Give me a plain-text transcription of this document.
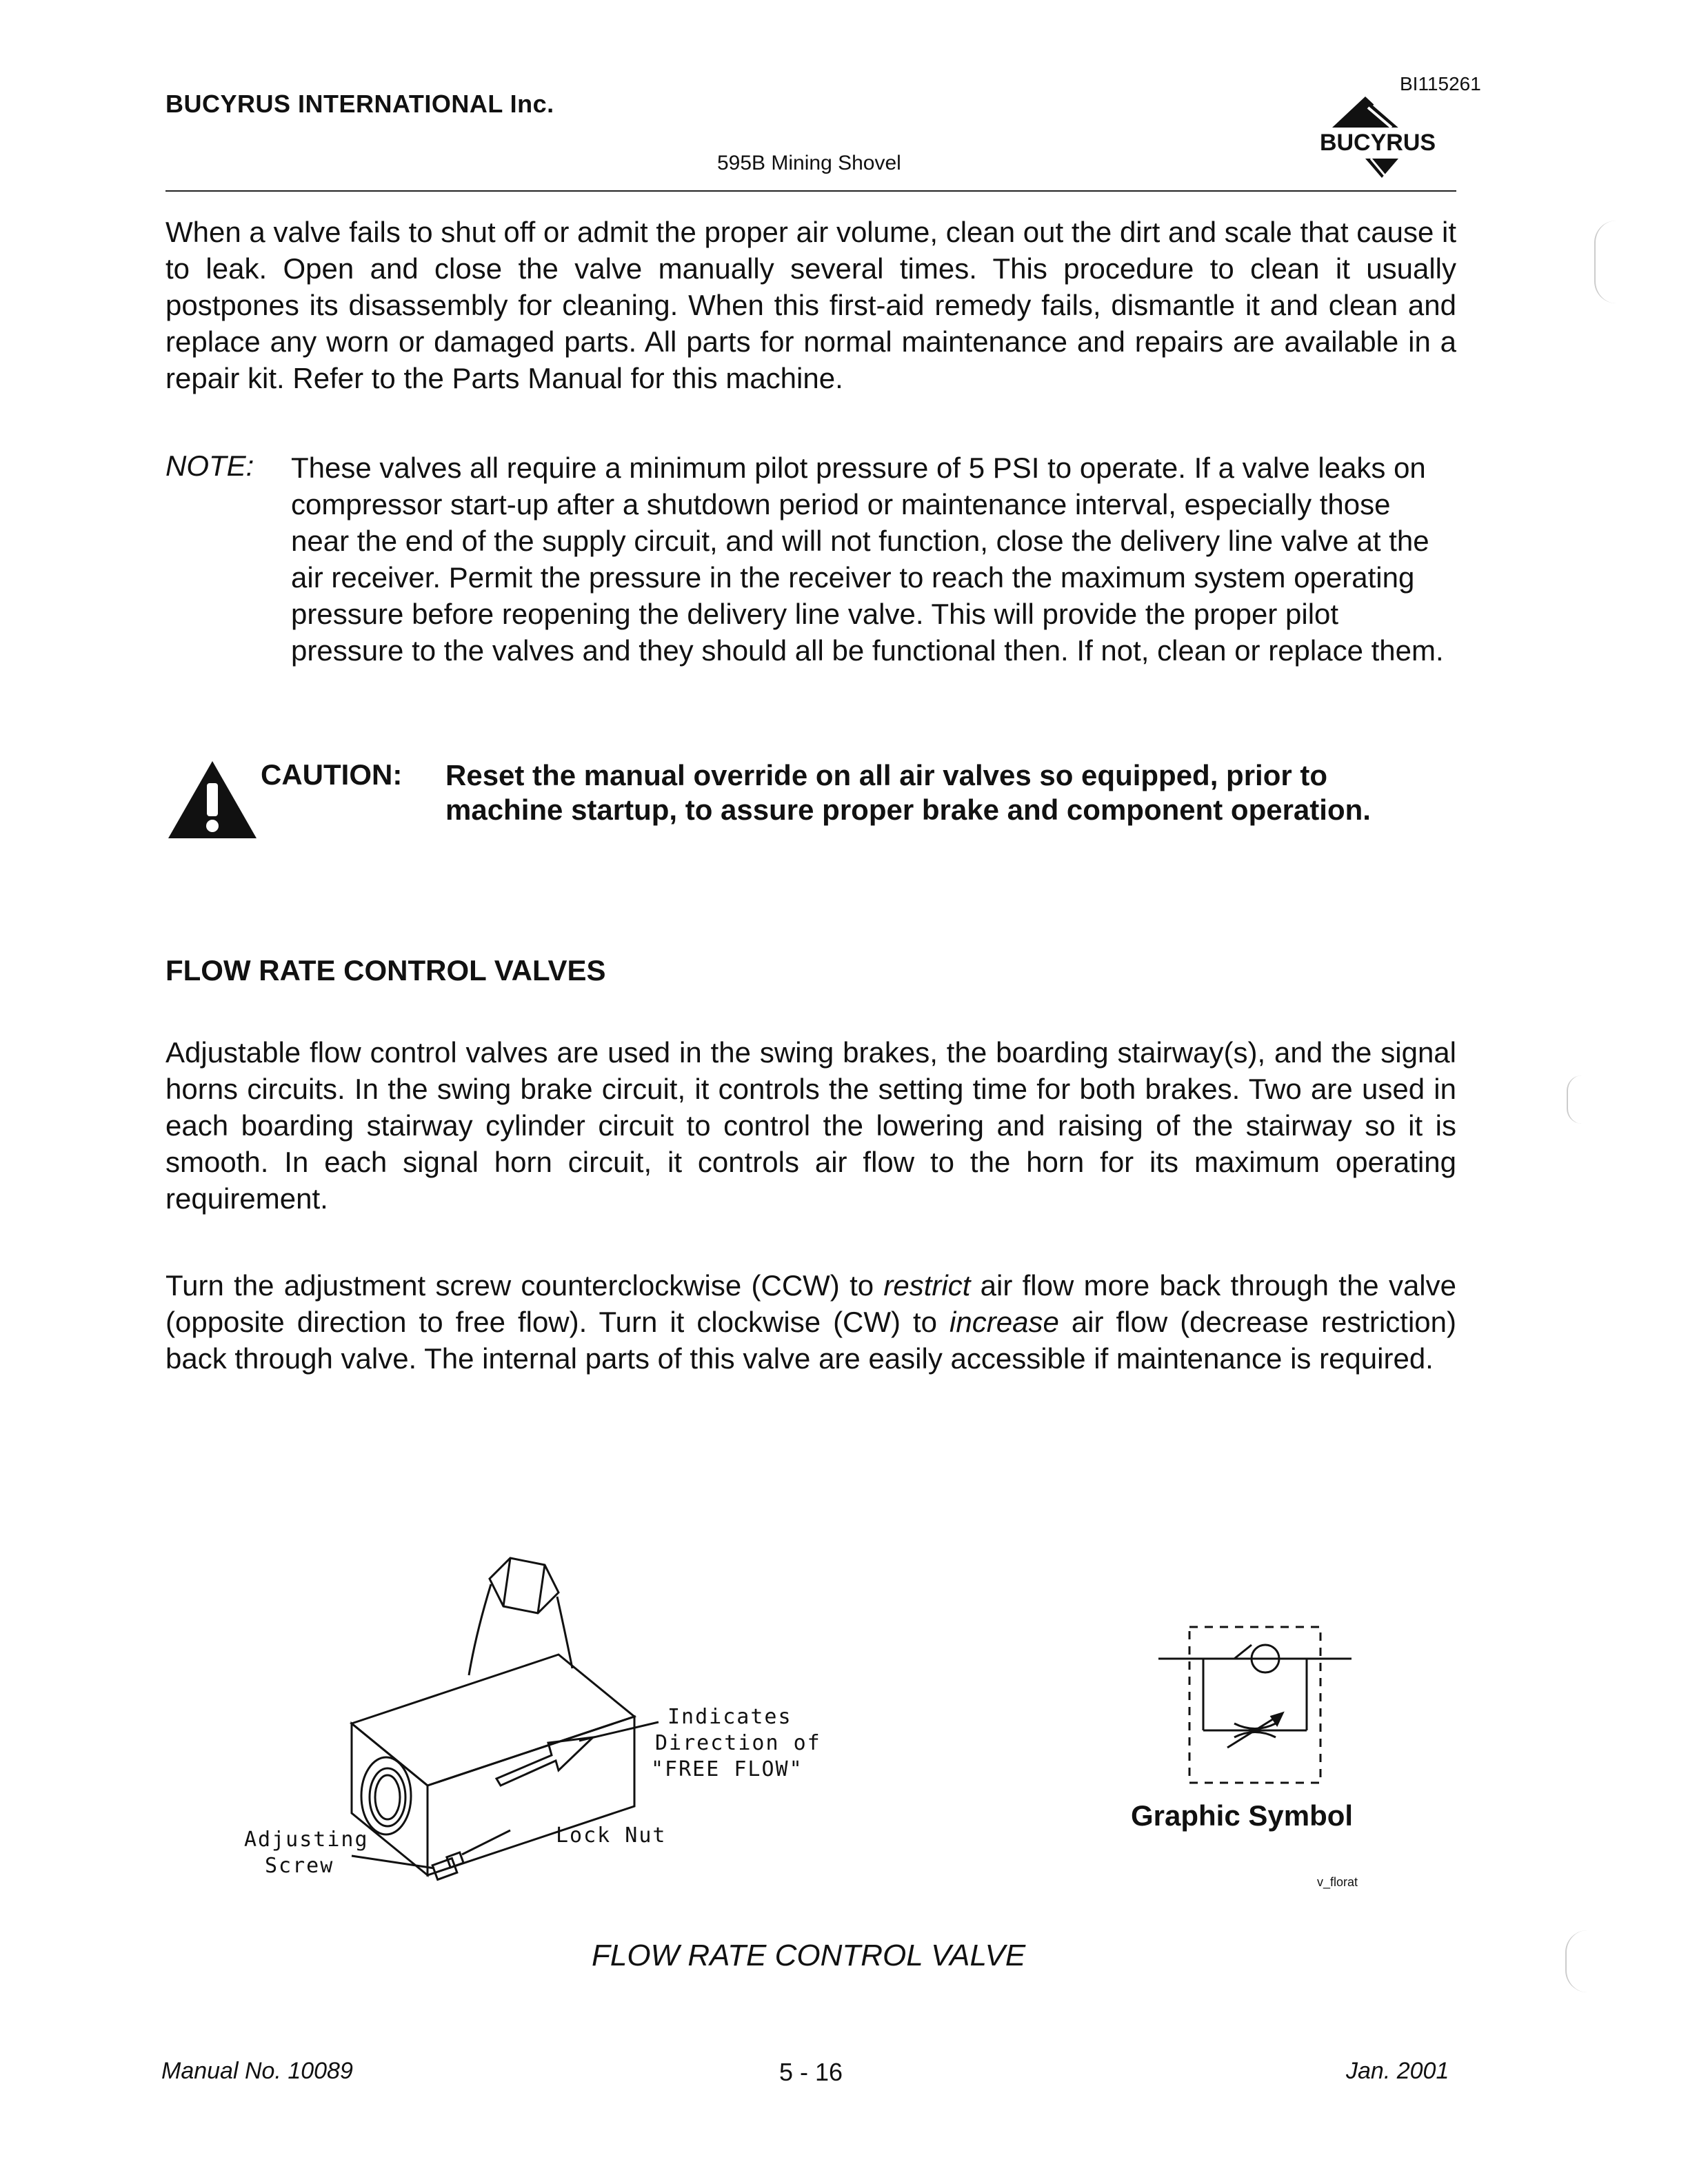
BUCYRUS INTERNATIONAL Inc.
BI115261
595B Mining Shovel
BUCYRUS
When a valve fails to shut off or admit the proper air volume, clean out the dirt and scale that cause it to leak. Open and close the valve manually several times. This procedure to clean it usually postpones its disassembly for cleaning. When this first-aid remedy fails, dismantle it and clean and replace any worn or damaged parts. All parts for normal maintenance and repairs are available in a repair kit. Refer to the Parts Manual for this machine.
NOTE: These valves all require a minimum pilot pressure of 5 PSI to operate. If a valve leaks on compressor start-up after a shutdown period or maintenance interval, especially those near the end of the supply circuit, and will not function, close the delivery line valve at the air receiver. Permit the pressure in the receiver to reach the maximum system operating pressure before reopening the delivery line valve. This will provide the proper pilot pressure to the valves and they should all be functional then. If not, clean or replace them.
CAUTION: Reset the manual override on all air valves so equipped, prior to machine startup, to assure proper brake and component operation.
FLOW RATE CONTROL VALVES
Adjustable flow control valves are used in the swing brakes, the boarding stairway(s), and the signal horns circuits. In the swing brake circuit, it controls the setting time for both brakes. Two are used in each boarding stairway cylinder circuit to control the lowering and raising of the stairway so it is smooth. In each signal horn circuit, it controls air flow to the horn for its maximum operating requirement.
Turn the adjustment screw counterclockwise (CCW) to restrict air flow more back through the valve (opposite direction to free flow). Turn it clockwise (CW) to increase air flow (decrease restriction) back through valve. The internal parts of this valve are easily accessible if maintenance is required.
Indicates
Direction of
"FREE FLOW"
Adjusting
Screw
Lock Nut
Graphic Symbol
v_florat
FLOW RATE CONTROL VALVE
Manual No. 10089	5 - 16	Jan. 2001
